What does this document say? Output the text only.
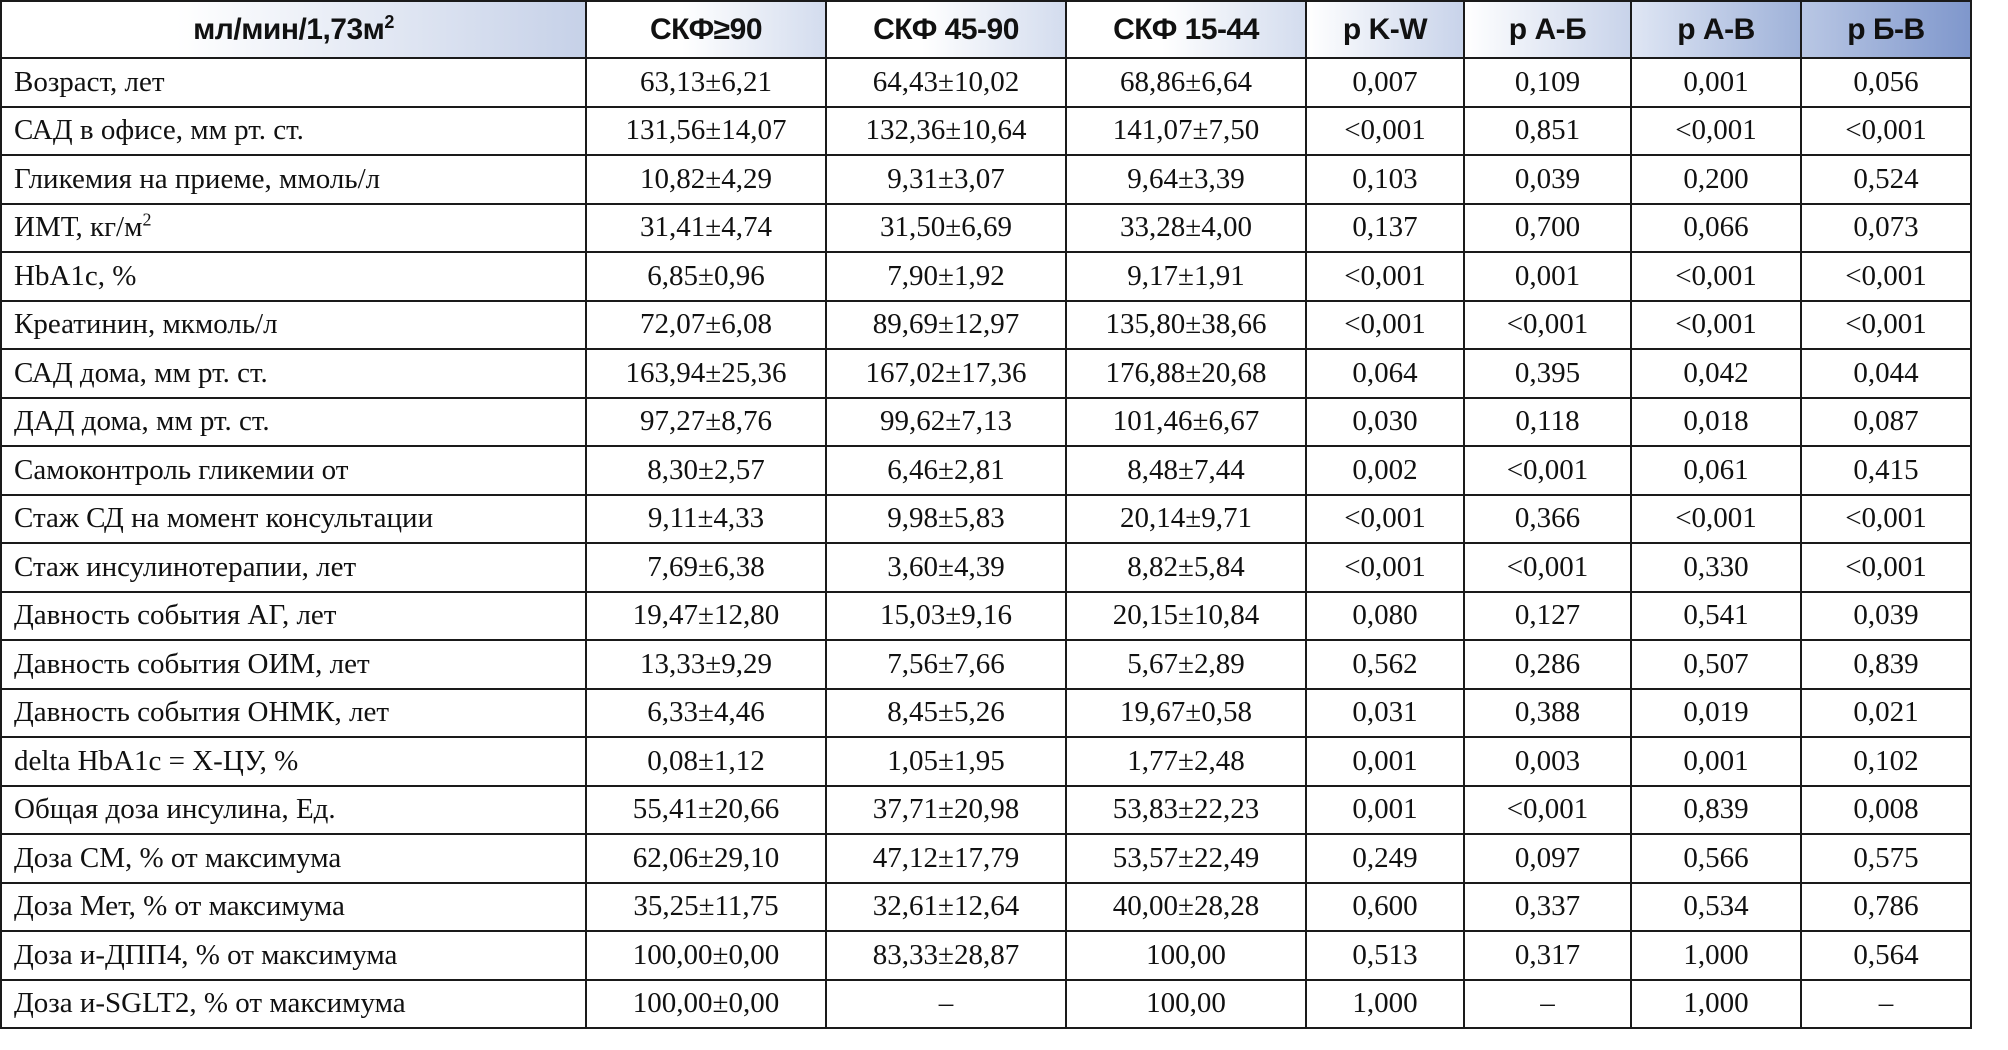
$мл/мин/1,73м^2$	СКФ≥90	СКФ 45-90	СКФ 15-44	p K-W	p А-Б	p А-В	p Б-В
Возраст, лет	63,13±6,21	64,43±10,02	68,86±6,64	0,007	0,109	0,001	0,056
САД в офисе, мм рт. ст.	131,56±14,07	132,36±10,64	141,07±7,50	<0,001	0,851	<0,001	<0,001
Гликемия на приеме, ммоль/л	10,82±4,29	9,31±3,07	9,64±3,39	0,103	0,039	0,200	0,524
ИМТ, $кг/м^2$	31,41±4,74	31,50±6,69	33,28±4,00	0,137	0,700	0,066	0,073
HbA1c, %	6,85±0,96	7,90±1,92	9,17±1,91	<0,001	0,001	<0,001	<0,001
Креатинин, мкмоль/л	72,07±6,08	89,69±12,97	135,80±38,66	<0,001	<0,001	<0,001	<0,001
САД дома, мм рт. ст.	163,94±25,36	167,02±17,36	176,88±20,68	0,064	0,395	0,042	0,044
ДАД дома, мм рт. ст.	97,27±8,76	99,62±7,13	101,46±6,67	0,030	0,118	0,018	0,087
Самоконтроль гликемии от	8,30±2,57	6,46±2,81	8,48±7,44	0,002	<0,001	0,061	0,415
Стаж СД на момент консультации	9,11±4,33	9,98±5,83	20,14±9,71	<0,001	0,366	<0,001	<0,001
Стаж инсулинотерапии, лет	7,69±6,38	3,60±4,39	8,82±5,84	<0,001	<0,001	0,330	<0,001
Давность события АГ, лет	19,47±12,80	15,03±9,16	20,15±10,84	0,080	0,127	0,541	0,039
Давность события ОИМ, лет	13,33±9,29	7,56±7,66	5,67±2,89	0,562	0,286	0,507	0,839
Давность события ОНМК, лет	6,33±4,46	8,45±5,26	19,67±0,58	0,031	0,388	0,019	0,021
delta HbA1c = Х-ЦУ, %	0,08±1,12	1,05±1,95	1,77±2,48	0,001	0,003	0,001	0,102
Общая доза инсулина, Ед.	55,41±20,66	37,71±20,98	53,83±22,23	0,001	<0,001	0,839	0,008
Доза СМ, % от максимума	62,06±29,10	47,12±17,79	53,57±22,49	0,249	0,097	0,566	0,575
Доза Мет, % от максимума	35,25±11,75	32,61±12,64	40,00±28,28	0,600	0,337	0,534	0,786
Доза и-ДПП4, % от максимума	100,00±0,00	83,33±28,87	100,00	0,513	0,317	1,000	0,564
Доза и-SGLT2, % от максимума	100,00±0,00	–	100,00	1,000	–	1,000	–
